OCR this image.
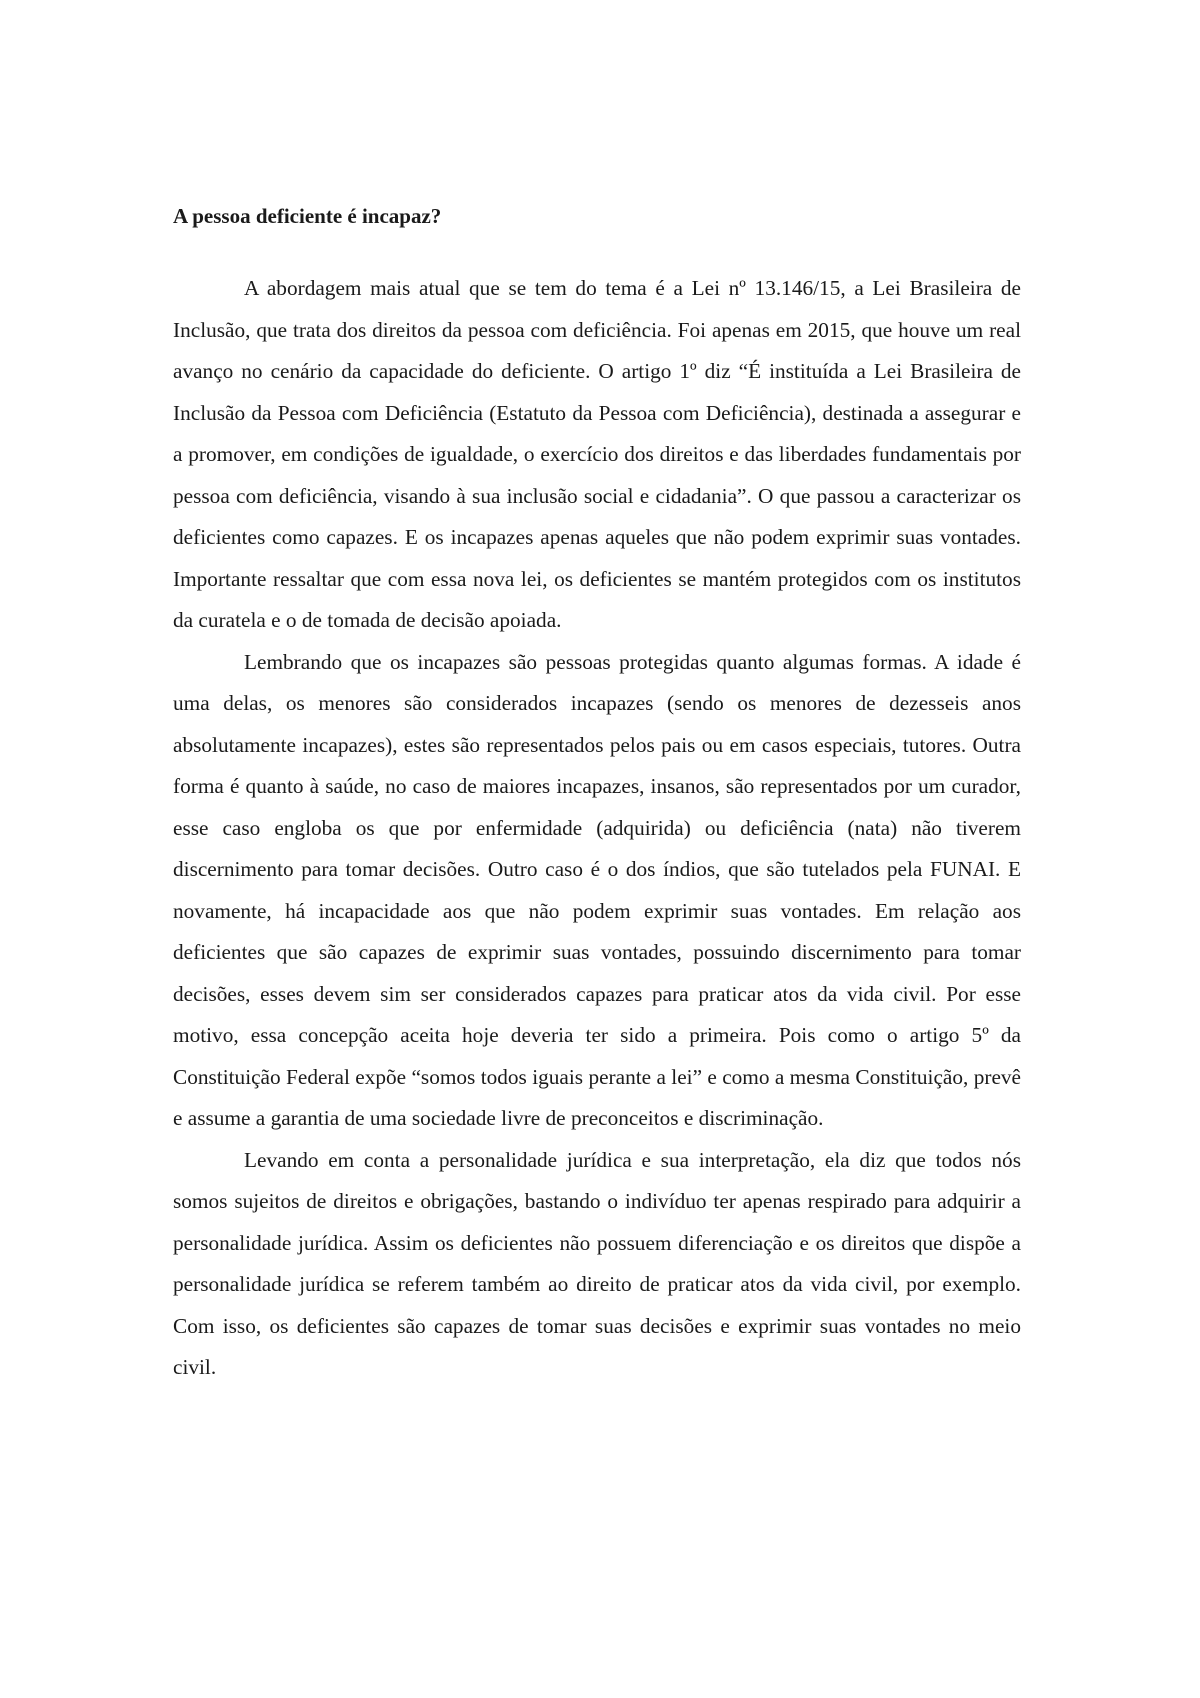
A pessoa deficiente é incapaz?

A abordagem mais atual que se tem do tema é a Lei nº 13.146/15, a Lei Brasileira de Inclusão, que trata dos direitos da pessoa com deficiência. Foi apenas em 2015, que houve um real avanço no cenário da capacidade do deficiente. O artigo 1º diz “É instituída a Lei Brasileira de Inclusão da Pessoa com Deficiência (Estatuto da Pessoa com Deficiência), destinada a assegurar e a promover, em condições de igualdade, o exercício dos direitos e das liberdades fundamentais por pessoa com deficiência, visando à sua inclusão social e cidadania”. O que passou a caracterizar os deficientes como capazes. E os incapazes apenas aqueles que não podem exprimir suas vontades. Importante ressaltar que com essa nova lei, os deficientes se mantém protegidos com os institutos da curatela e o de tomada de decisão apoiada.

Lembrando que os incapazes são pessoas protegidas quanto algumas formas. A idade é uma delas, os menores são considerados incapazes (sendo os menores de dezesseis anos absolutamente incapazes), estes são representados pelos pais ou em casos especiais, tutores. Outra forma é quanto à saúde, no caso de maiores incapazes, insanos, são representados por um curador, esse caso engloba os que por enfermidade (adquirida) ou deficiência (nata) não tiverem discernimento para tomar decisões. Outro caso é o dos índios, que são tutelados pela FUNAI. E novamente, há incapacidade aos que não podem exprimir suas vontades. Em relação aos deficientes que são capazes de exprimir suas vontades, possuindo discernimento para tomar decisões, esses devem sim ser considerados capazes para praticar atos da vida civil. Por esse motivo, essa concepção aceita hoje deveria ter sido a primeira. Pois como o artigo 5º da Constituição Federal expõe “somos todos iguais perante a lei” e como a mesma Constituição, prevê e assume a garantia de uma sociedade livre de preconceitos e discriminação.

Levando em conta a personalidade jurídica e sua interpretação, ela diz que todos nós somos sujeitos de direitos e obrigações, bastando o indivíduo ter apenas respirado para adquirir a personalidade jurídica. Assim os deficientes não possuem diferenciação e os direitos que dispõe a personalidade jurídica se referem também ao direito de praticar atos da vida civil, por exemplo. Com isso, os deficientes são capazes de tomar suas decisões e exprimir suas vontades no meio civil.
